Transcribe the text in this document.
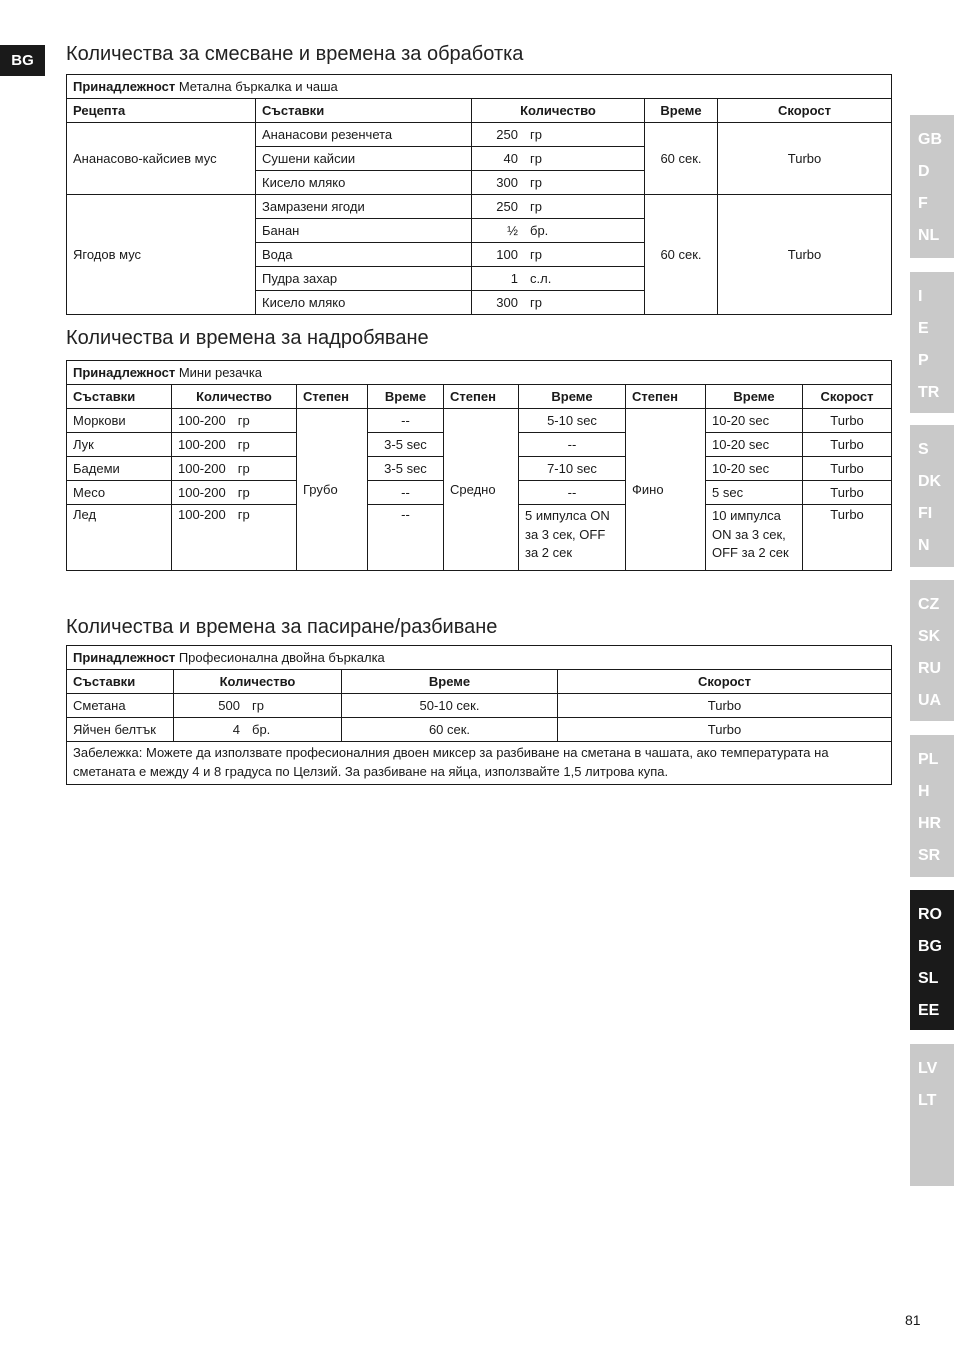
BG	Количества за смесване и времена за обработка
Принадлежност Метална бъркалка и чаша				
Рецепта	Съставки	Количество	Време	Скорост
Ананасово-кайсиев мус	Ананасови резенчета	250 гр	60 сек.	Turbo
	Сушени кайсии	40 гр		
	Кисело мляко	300 гр		
Ягодов мус	Замразени ягоди	250 гр	60 сек.	Turbo
	Банан	½ бр.		
	Вода	100 гр		
	Пудра захар	1 с.л.		
	Кисело мляко	300 гр		
Количества и времена за надробяване
Принадлежност Мини резачка								
Съставки	Количество	Степен	Време	Степен	Време	Степен	Време	Скорост
Моркови	100-200 гр	Грубо	--	Средно	5-10 sec	Фино	10-20 sec	Turbo
Лук	100-200 гр		3-5 sec		--		10-20 sec	Turbo
Бадеми	100-200 гр		3-5 sec		7-10 sec		10-20 sec	Turbo
Месо	100-200 гр		--		--		5 sec	Turbo
Лед	100-200 гр		--		5 импулса ON за 3 сек, OFF за 2 сек		10 импулса ON за 3 сек, OFF за 2 сек	Turbo
Количества и времена за пасиране/разбиване
Принадлежност Професионална двойна бъркалка			
Съставки	Количество	Време	Скорост
Сметана	500 гр	50-10 сек.	Turbo
Яйчен белтък	4 бр.	60 сек.	Turbo
Забележка: Можете да използвате професионалния двоен миксер за разбиване на сметана в чашата, ако температурата на сметаната е между 4 и 8 градуса по Целзий. За разбиване на яйца, използвайте 1,5 литрова купа.			
GB
D
F
NL
I
E
P
TR
S
DK
FI
N
CZ
SK
RU
UA
PL
H
HR
SR
RO
BG
SL
EE
LV
LT
81
